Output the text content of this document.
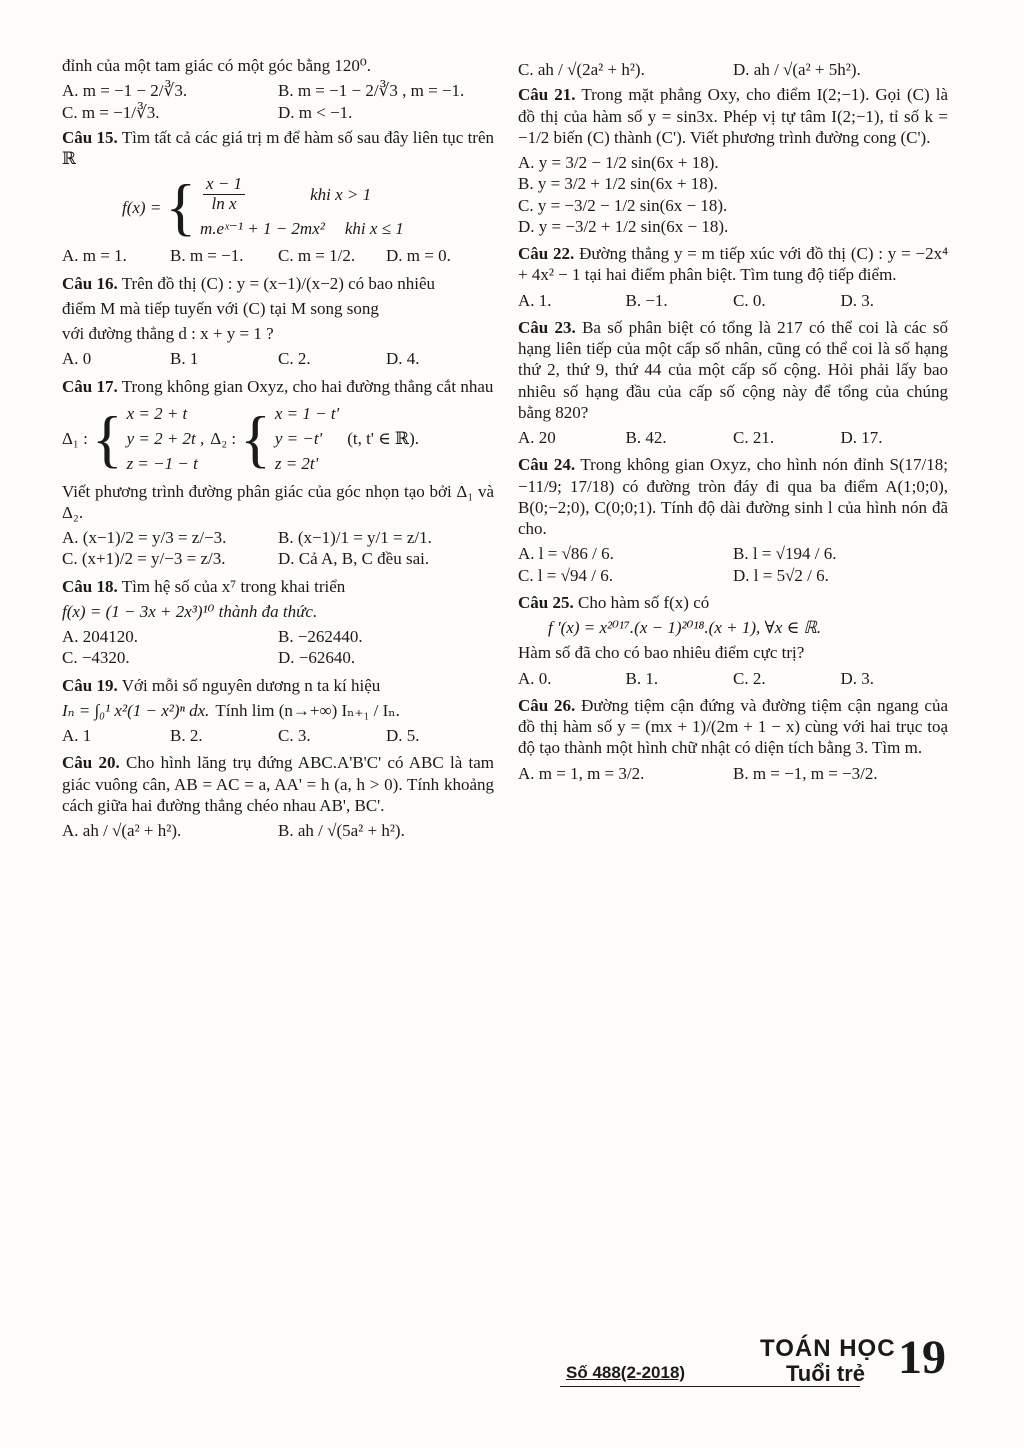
đỉnh của một tam giác có một góc bằng 120⁰.
A. m = −1 − 2/∛3.	B. m = −1 − 2/∛3 , m = −1.
C. m = −1/∛3.	D. m < −1.
Câu 15. Tìm tất cả các giá trị m để hàm số sau đây liên tục trên ℝ
f(x) = { $\frac{x - 1}{\text{ln x}}$	khi x > 1
m.eˣ⁻¹ + 1 − 2mx² khi x ≤ 1
A. m = 1.	B. m = −1.	C. m = 1/2.	D. m = 0.
Câu 16. Trên đồ thị (C) : y = (x−1)/(x−2) có bao nhiêu
điểm M mà tiếp tuyến với (C) tại M song song
với đường thẳng d : x + y = 1 ?
A. 0	B. 1	C. 2.	D. 4.
Câu 17. Trong không gian Oxyz, cho hai đường thẳng cắt nhau
Δ₁ : { x = 2 + t
y = 2 + 2t ,
z = −1 − t
Δ₂ : { x = 1 − t'
y = −t'
z = 2t'
(t, t' ∈ ℝ).
Viết phương trình đường phân giác của góc nhọn tạo bởi Δ₁ và Δ₂.
A. (x−1)/2 = y/3 = z/−3.	B. (x−1)/1 = y/1 = z/1.
C. (x+1)/2 = y/−3 = z/3.	D. Cả A, B, C đều sai.
Câu 18. Tìm hệ số của x⁷ trong khai triển
f(x) = (1 − 3x + 2x³)¹⁰ thành đa thức.
A. 204120.	B. −262440.
C. −4320.	D. −62640.
Câu 19. Với mỗi số nguyên dương n ta kí hiệu
Iₙ = ∫₀¹ x²(1 − x²)ⁿ dx. Tính lim (n→+∞) Iₙ₊₁ / Iₙ.
A. 1	B. 2.	C. 3.	D. 5.
Câu 20. Cho hình lăng trụ đứng ABC.A'B'C' có ABC là tam giác vuông cân, AB = AC = a, AA' = h (a, h > 0). Tính khoảng cách giữa hai đường thẳng chéo nhau AB', BC'.
A. ah / √(a² + h²).	B. ah / √(5a² + h²).
C. ah / √(2a² + h²).	D. ah / √(a² + 5h²).
Câu 21. Trong mặt phẳng Oxy, cho điểm I(2;−1). Gọi (C) là đồ thị của hàm số y = sin3x. Phép vị tự tâm I(2;−1), tỉ số k = −1/2 biến (C) thành (C'). Viết phương trình đường cong (C').
A. y = 3/2 − 1/2 sin(6x + 18).
B. y = 3/2 + 1/2 sin(6x + 18).
C. y = −3/2 − 1/2 sin(6x − 18).
D. y = −3/2 + 1/2 sin(6x − 18).
Câu 22. Đường thẳng y = m tiếp xúc với đồ thị (C) : y = −2x⁴ + 4x² − 1 tại hai điểm phân biệt. Tìm tung độ tiếp điểm.
A. 1.	B. −1.	C. 0.	D. 3.
Câu 23. Ba số phân biệt có tổng là 217 có thể coi là các số hạng liên tiếp của một cấp số nhân, cũng có thể coi là số hạng thứ 2, thứ 9, thứ 44 của một cấp số cộng. Hỏi phải lấy bao nhiêu số hạng đầu của cấp số cộng này để tổng của chúng bằng 820?
A. 20	B. 42.	C. 21.	D. 17.
Câu 24. Trong không gian Oxyz, cho hình nón đỉnh S(17/18; −11/9; 17/18) có đường tròn đáy đi qua ba điểm A(1;0;0), B(0;−2;0), C(0;0;1). Tính độ dài đường sinh l của hình nón đã cho.
A. l = √86 / 6.	B. l = √194 / 6.
C. l = √94 / 6.	D. l = 5√2 / 6.
Câu 25. Cho hàm số f(x) có
f '(x) = x²⁰¹⁷.(x − 1)²⁰¹⁸.(x + 1), ∀x ∈ ℝ.
Hàm số đã cho có bao nhiêu điểm cực trị?
A. 0.	B. 1.	C. 2.	D. 3.
Câu 26. Đường tiệm cận đứng và đường tiệm cận ngang của đồ thị hàm số y = (mx + 1)/(2m + 1 − x) cùng với hai trục toạ độ tạo thành một hình chữ nhật có diện tích bằng 3. Tìm m.
A. m = 1, m = 3/2.	B. m = −1, m = −3/2.
Số 488(2-2018)
TOÁN HỌC
Tuổi trẻ 19
